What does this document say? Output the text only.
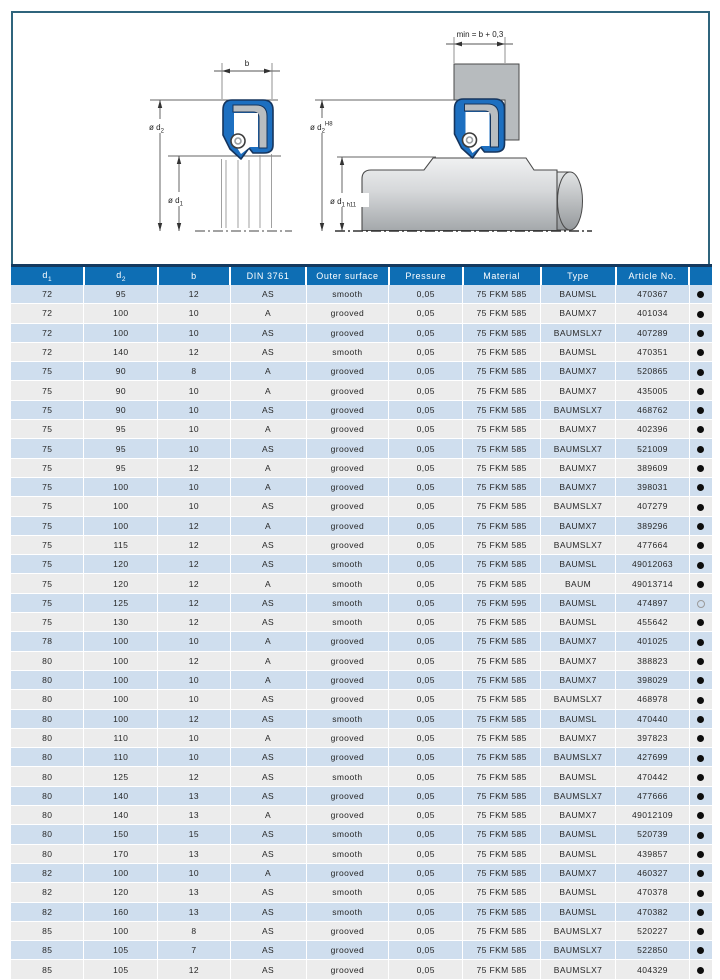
b
ø $d_2$
ø $d_1$
min = b + 0,3
ø $d_2^{H8}$
ø $d_{1 h11}$
$d_1$	$d_2$	b	DIN 3761	Outer surface	Pressure	Material	Type	Article No.	
72	95	12	AS	smooth	0,05	75 FKM 585	BAUMSL	470367	
72	100	10	A	grooved	0,05	75 FKM 585	BAUMX7	401034	
72	100	10	AS	grooved	0,05	75 FKM 585	BAUMSLX7	407289	
72	140	12	AS	smooth	0,05	75 FKM 585	BAUMSL	470351	
75	90	8	A	grooved	0,05	75 FKM 585	BAUMX7	520865	
75	90	10	A	grooved	0,05	75 FKM 585	BAUMX7	435005	
75	90	10	AS	grooved	0,05	75 FKM 585	BAUMSLX7	468762	
75	95	10	A	grooved	0,05	75 FKM 585	BAUMX7	402396	
75	95	10	AS	grooved	0,05	75 FKM 585	BAUMSLX7	521009	
75	95	12	A	grooved	0,05	75 FKM 585	BAUMX7	389609	
75	100	10	A	grooved	0,05	75 FKM 585	BAUMX7	398031	
75	100	10	AS	grooved	0,05	75 FKM 585	BAUMSLX7	407279	
75	100	12	A	grooved	0,05	75 FKM 585	BAUMX7	389296	
75	115	12	AS	grooved	0,05	75 FKM 585	BAUMSLX7	477664	
75	120	12	AS	smooth	0,05	75 FKM 585	BAUMSL	49012063	
75	120	12	A	smooth	0,05	75 FKM 585	BAUM	49013714	
75	125	12	AS	smooth	0,05	75 FKM 595	BAUMSL	474897	
75	130	12	AS	smooth	0,05	75 FKM 585	BAUMSL	455642	
78	100	10	A	grooved	0,05	75 FKM 585	BAUMX7	401025	
80	100	12	A	grooved	0,05	75 FKM 585	BAUMX7	388823	
80	100	10	A	grooved	0,05	75 FKM 585	BAUMX7	398029	
80	100	10	AS	grooved	0,05	75 FKM 585	BAUMSLX7	468978	
80	100	12	AS	smooth	0,05	75 FKM 585	BAUMSL	470440	
80	110	10	A	grooved	0,05	75 FKM 585	BAUMX7	397823	
80	110	10	AS	grooved	0,05	75 FKM 585	BAUMSLX7	427699	
80	125	12	AS	smooth	0,05	75 FKM 585	BAUMSL	470442	
80	140	13	AS	grooved	0,05	75 FKM 585	BAUMSLX7	477666	
80	140	13	A	grooved	0,05	75 FKM 585	BAUMX7	49012109	
80	150	15	AS	smooth	0,05	75 FKM 585	BAUMSL	520739	
80	170	13	AS	smooth	0,05	75 FKM 585	BAUMSL	439857	
82	100	10	A	grooved	0,05	75 FKM 585	BAUMX7	460327	
82	120	13	AS	smooth	0,05	75 FKM 585	BAUMSL	470378	
82	160	13	AS	smooth	0,05	75 FKM 585	BAUMSL	470382	
85	100	8	AS	grooved	0,05	75 FKM 585	BAUMSLX7	520227	
85	105	7	AS	grooved	0,05	75 FKM 585	BAUMSLX7	522850	
85	105	12	AS	grooved	0,05	75 FKM 585	BAUMSLX7	404329	
